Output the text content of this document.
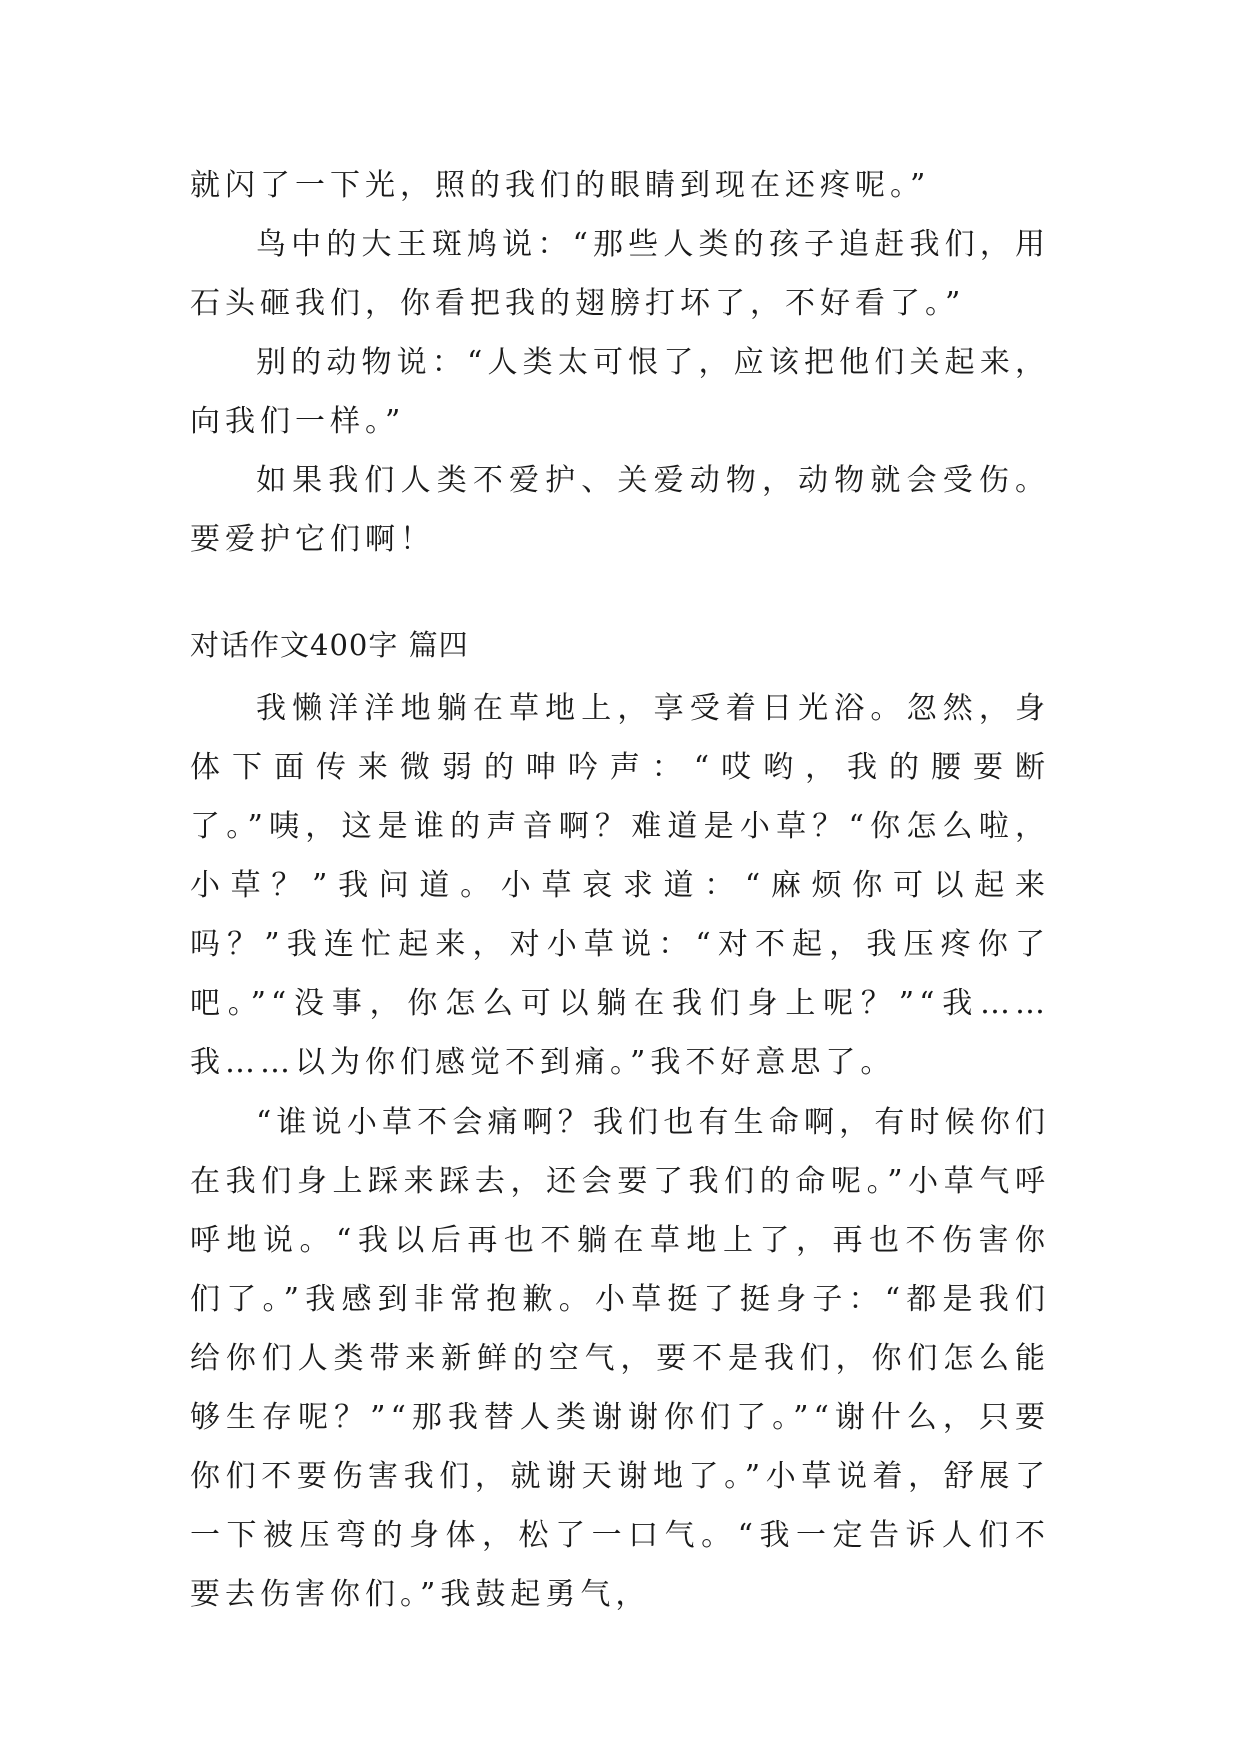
就闪了一下光，照的我们的眼睛到现在还疼呢。”

鸟中的大王斑鸠说：“那些人类的孩子追赶我们，用石头砸我们，你看把我的翅膀打坏了，不好看了。”

别的动物说：“人类太可恨了，应该把他们关起来，向我们一样。”

如果我们人类不爱护、关爱动物，动物就会受伤。要爱护它们啊！

对话作文400字 篇四

我懒洋洋地躺在草地上，享受着日光浴。忽然，身体下面传来微弱的呻吟声：“哎哟，我的腰要断了。”咦，这是谁的声音啊？难道是小草？“你怎么啦，小草？”我问道。小草哀求道：“麻烦你可以起来吗？”我连忙起来，对小草说：“对不起，我压疼你了吧。”“没事，你怎么可以躺在我们身上呢？”“我……我……以为你们感觉不到痛。”我不好意思了。

“谁说小草不会痛啊？我们也有生命啊，有时候你们在我们身上踩来踩去，还会要了我们的命呢。”小草气呼呼地说。“我以后再也不躺在草地上了，再也不伤害你们了。”我感到非常抱歉。小草挺了挺身子：“都是我们给你们人类带来新鲜的空气，要不是我们，你们怎么能够生存呢？”“那我替人类谢谢你们了。”“谢什么，只要你们不要伤害我们，就谢天谢地了。”小草说着，舒展了一下被压弯的身体，松了一口气。“我一定告诉人们不要去伤害你们。”我鼓起勇气，
